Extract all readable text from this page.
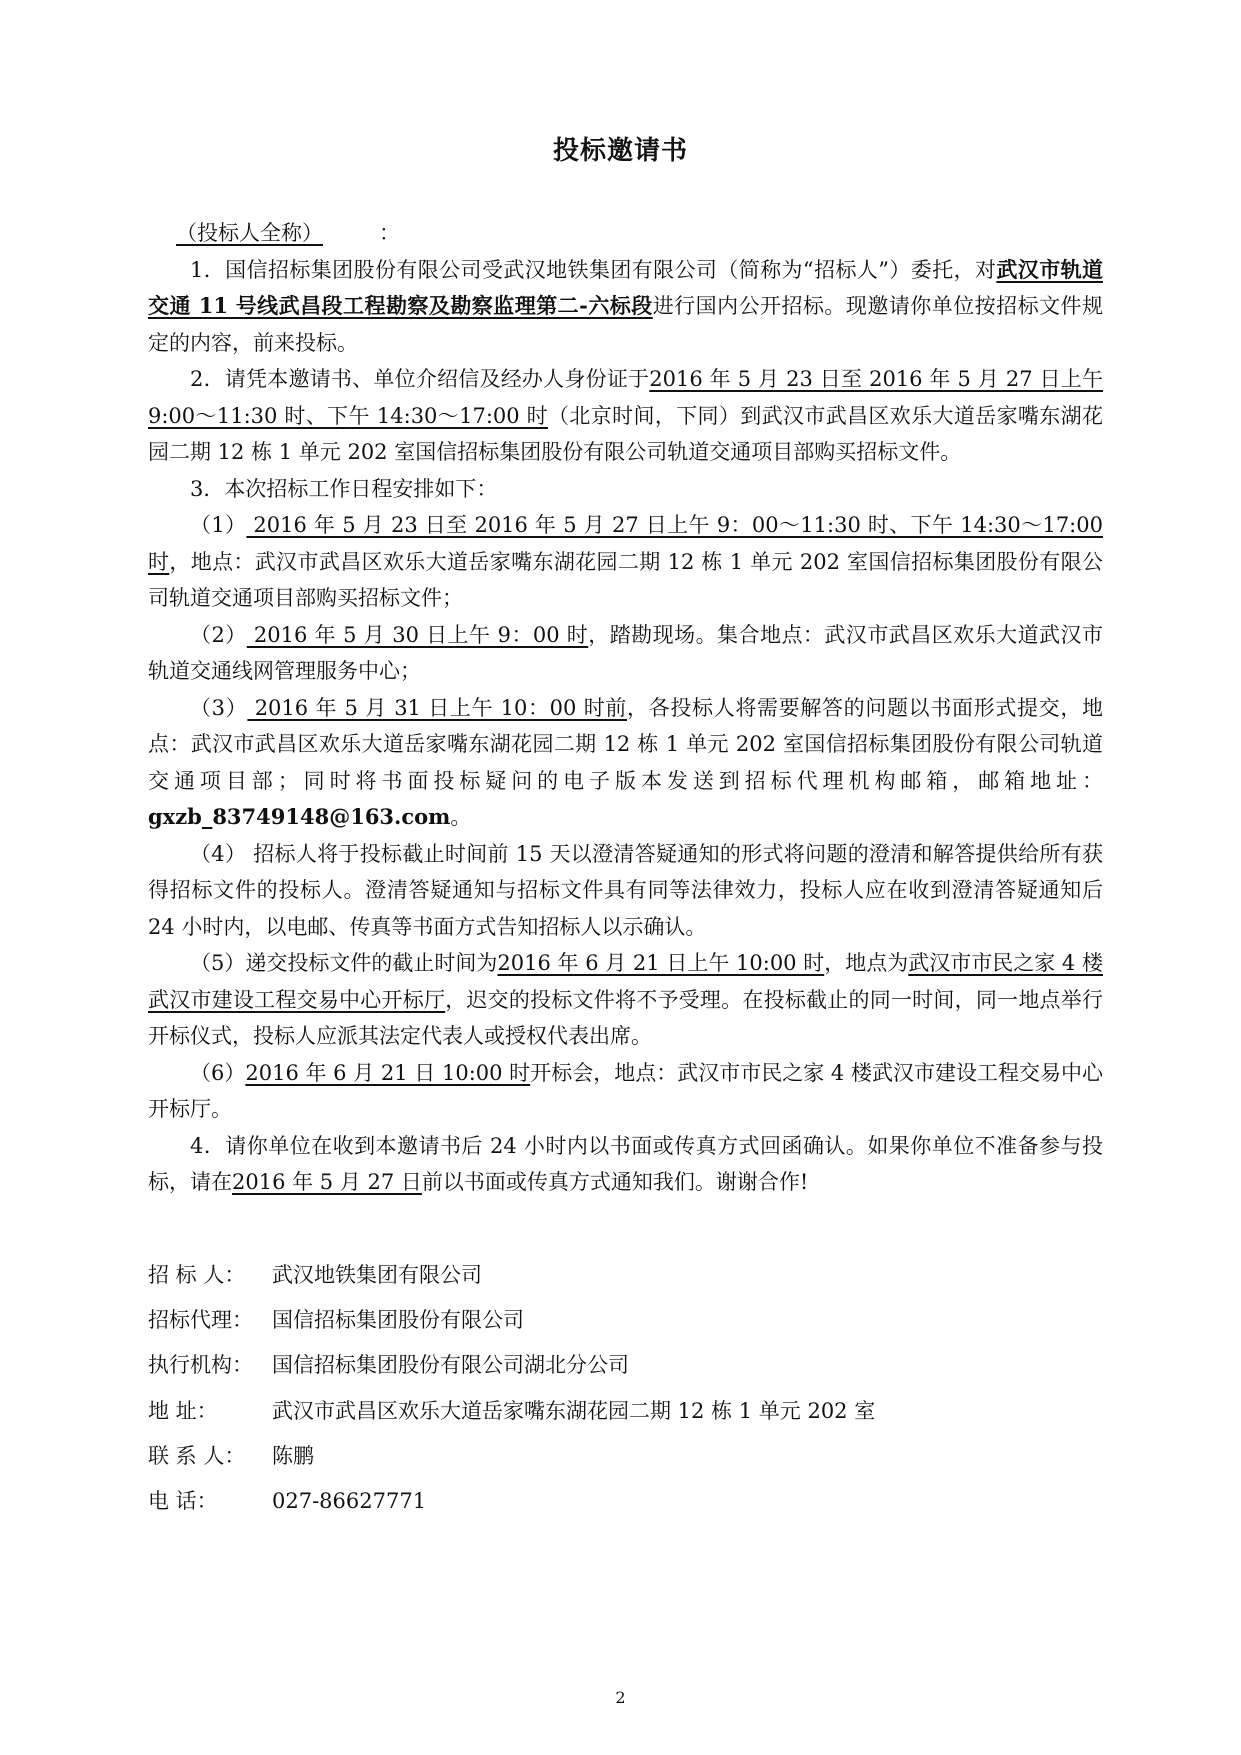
投标邀请书

（投标人全称）	：

1．国信招标集团股份有限公司受武汉地铁集团有限公司（简称为“招标人”）委托，对武汉市轨道交通 11 号线武昌段工程勘察及勘察监理第二-六标段进行国内公开招标。现邀请你单位按招标文件规定的内容，前来投标。

2．请凭本邀请书、单位介绍信及经办人身份证于2016 年 5 月 23 日至 2016 年 5 月 27 日上午 9:00～11:30 时、下午 14:30～17:00 时（北京时间，下同）到武汉市武昌区欢乐大道岳家嘴东湖花园二期 12 栋 1 单元 202 室国信招标集团股份有限公司轨道交通项目部购买招标文件。

3．本次招标工作日程安排如下：

（1） 2016 年 5 月 23 日至 2016 年 5 月 27 日上午 9：00～11:30 时、下午 14:30～17:00 时，地点：武汉市武昌区欢乐大道岳家嘴东湖花园二期 12 栋 1 单元 202 室国信招标集团股份有限公司轨道交通项目部购买招标文件；

（2） 2016 年 5 月 30 日上午 9：00 时，踏勘现场。集合地点：武汉市武昌区欢乐大道武汉市轨道交通线网管理服务中心；

（3） 2016 年 5 月 31 日上午 10：00 时前，各投标人将需要解答的问题以书面形式提交，地点：武汉市武昌区欢乐大道岳家嘴东湖花园二期 12 栋 1 单元 202 室国信招标集团股份有限公司轨道交通项目部；同时将书面投标疑问的电子版本发送到招标代理机构邮箱，邮箱地址：gxzb_83749148@163.com。

（4） 招标人将于投标截止时间前 15 天以澄清答疑通知的形式将问题的澄清和解答提供给所有获得招标文件的投标人。澄清答疑通知与招标文件具有同等法律效力，投标人应在收到澄清答疑通知后 24 小时内，以电邮、传真等书面方式告知招标人以示确认。

（5）递交投标文件的截止时间为2016 年 6 月 21 日上午 10:00 时，地点为武汉市市民之家 4 楼武汉市建设工程交易中心开标厅，迟交的投标文件将不予受理。在投标截止的同一时间，同一地点举行开标仪式，投标人应派其法定代表人或授权代表出席。

（6）2016 年 6 月 21 日 10:00 时开标会，地点：武汉市市民之家 4 楼武汉市建设工程交易中心开标厅。

4．请你单位在收到本邀请书后 24 小时内以书面或传真方式回函确认。如果你单位不准备参与投标，请在2016 年 5 月 27 日前以书面或传真方式通知我们。谢谢合作!

招 标 人： 武汉地铁集团有限公司
招标代理： 国信招标集团股份有限公司
执行机构： 国信招标集团股份有限公司湖北分公司
地 址：	武汉市武昌区欢乐大道岳家嘴东湖花园二期 12 栋 1 单元 202 室
联 系 人： 陈鹏
电 话：	027-86627771
2
